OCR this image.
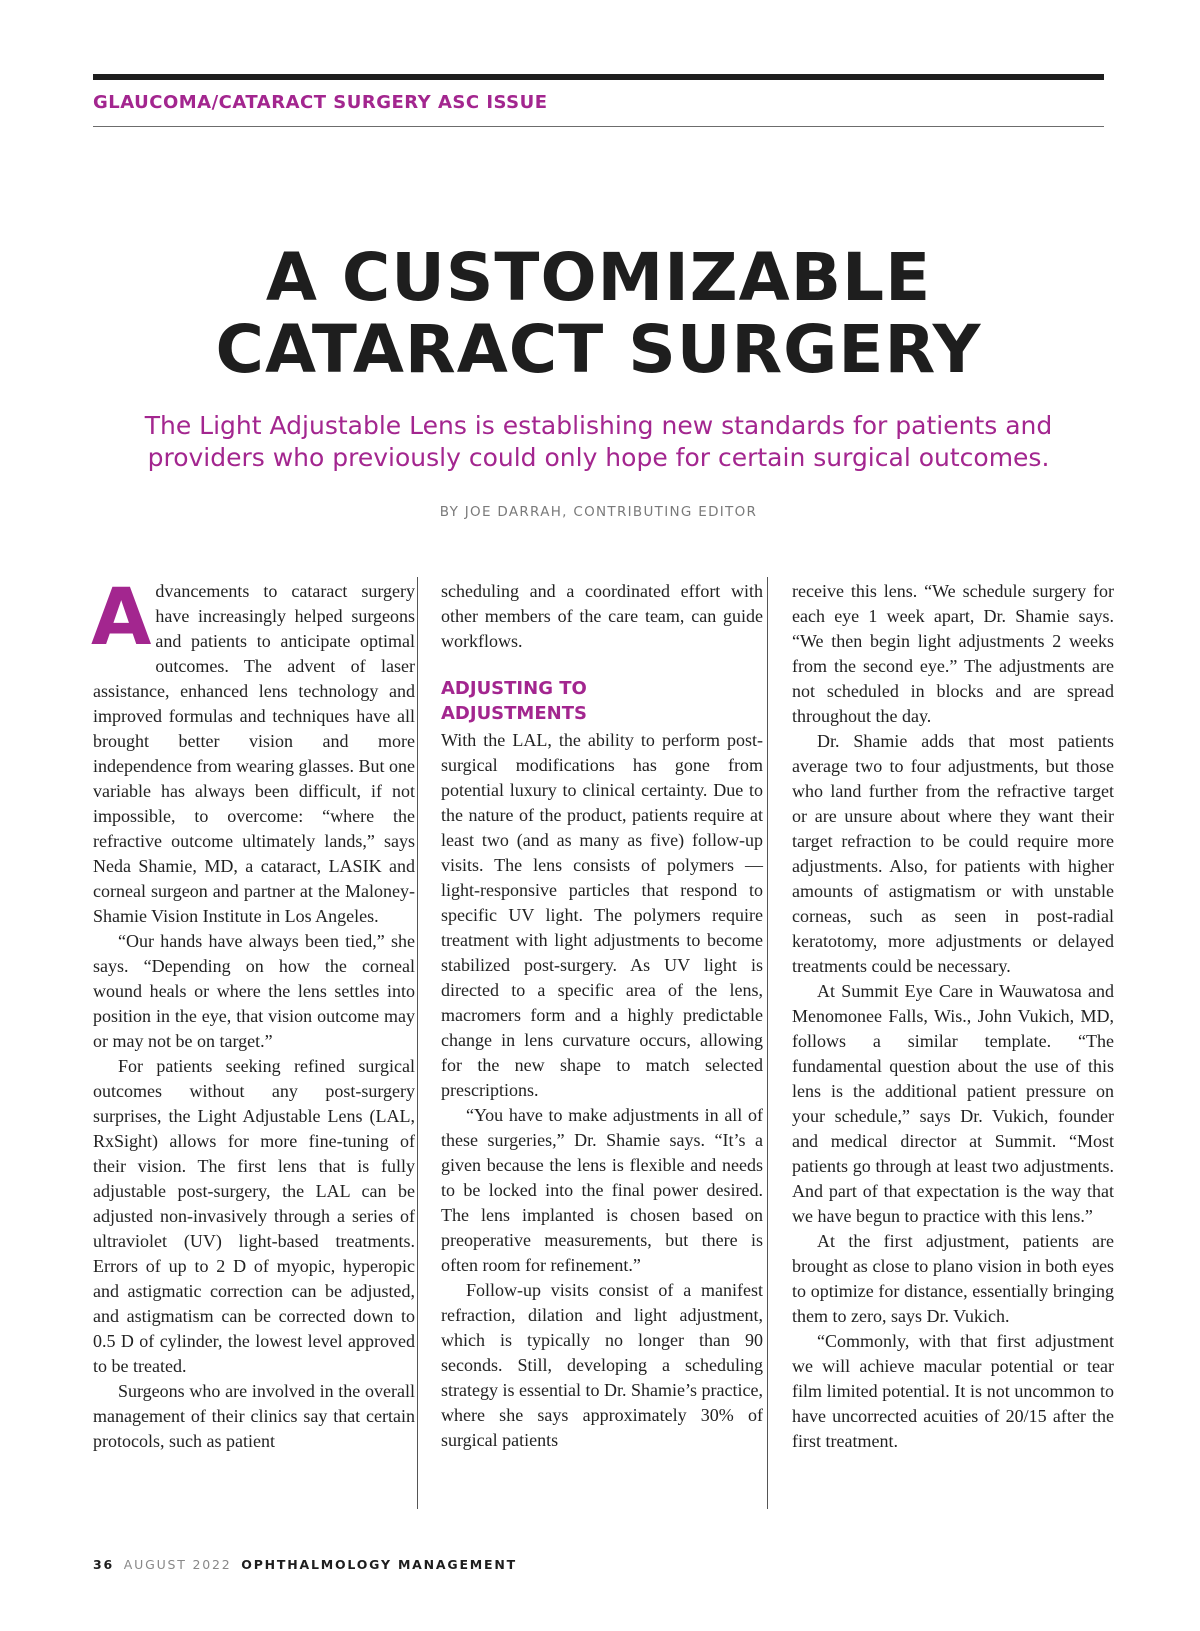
GLAUCOMA/CATARACT SURGERY ASC ISSUE
A CUSTOMIZABLE
CATARACT SURGERY
The Light Adjustable Lens is establishing new standards for patients and
providers who previously could only hope for certain surgical outcomes.
BY JOE DARRAH, CONTRIBUTING EDITOR

Advancements to cataract surgery have increasingly helped surgeons and patients to anticipate optimal outcomes. The advent of laser assistance, enhanced lens technology and improved formulas and techniques have all brought better vision and more independence from wearing glasses. But one variable has always been difficult, if not impossible, to overcome: “where the refractive outcome ultimately lands,” says Neda Shamie, MD, a cataract, LASIK and corneal surgeon and partner at the Maloney-Shamie Vision Institute in Los Angeles.

“Our hands have always been tied,” she says. “Depending on how the corneal wound heals or where the lens settles into position in the eye, that vision outcome may or may not be on target.”

For patients seeking refined surgical outcomes without any post-surgery surprises, the Light Adjustable Lens (LAL, RxSight) allows for more fine-tuning of their vision. The first lens that is fully adjustable post-surgery, the LAL can be adjusted non-invasively through a series of ultraviolet (UV) light-based treatments. Errors of up to 2 D of myopic, hyperopic and astigmatic correction can be adjusted, and astigmatism can be corrected down to 0.5 D of cylinder, the lowest level approved to be treated.

Surgeons who are involved in the overall management of their clinics say that certain protocols, such as patient

scheduling and a coordinated effort with other members of the care team, can guide workflows.

ADJUSTING TO
ADJUSTMENTS

With the LAL, the ability to perform post-surgical modifications has gone from potential luxury to clinical certainty. Due to the nature of the product, patients require at least two (and as many as five) follow-up visits. The lens consists of polymers — light-responsive particles that respond to specific UV light. The polymers require treatment with light adjustments to become stabilized post-surgery. As UV light is directed to a specific area of the lens, macromers form and a highly predictable change in lens curvature occurs, allowing for the new shape to match selected prescriptions.

“You have to make adjustments in all of these surgeries,” Dr. Shamie says. “It’s a given because the lens is flexible and needs to be locked into the final power desired. The lens implanted is chosen based on preoperative measurements, but there is often room for refinement.”

Follow-up visits consist of a manifest refraction, dilation and light adjustment, which is typically no longer than 90 seconds. Still, developing a scheduling strategy is essential to Dr. Shamie’s practice, where she says approximately 30% of surgical patients

receive this lens. “We schedule surgery for each eye 1 week apart, Dr. Shamie says. “We then begin light adjustments 2 weeks from the second eye.” The adjustments are not scheduled in blocks and are spread throughout the day.

Dr. Shamie adds that most patients average two to four adjustments, but those who land further from the refractive target or are unsure about where they want their target refraction to be could require more adjustments. Also, for patients with higher amounts of astigmatism or with unstable corneas, such as seen in post-radial keratotomy, more adjustments or delayed treatments could be necessary.

At Summit Eye Care in Wauwatosa and Menomonee Falls, Wis., John Vukich, MD, follows a similar template. “The fundamental question about the use of this lens is the additional patient pressure on your schedule,” says Dr. Vukich, founder and medical director at Summit. “Most patients go through at least two adjustments. And part of that expectation is the way that we have begun to practice with this lens.”

At the first adjustment, patients are brought as close to plano vision in both eyes to optimize for distance, essentially bringing them to zero, says Dr. Vukich.

“Commonly, with that first adjustment we will achieve macular potential or tear film limited potential. It is not uncommon to have uncorrected acuities of 20/15 after the first treatment.

36 AUGUST 2022 OPHTHALMOLOGY MANAGEMENT
